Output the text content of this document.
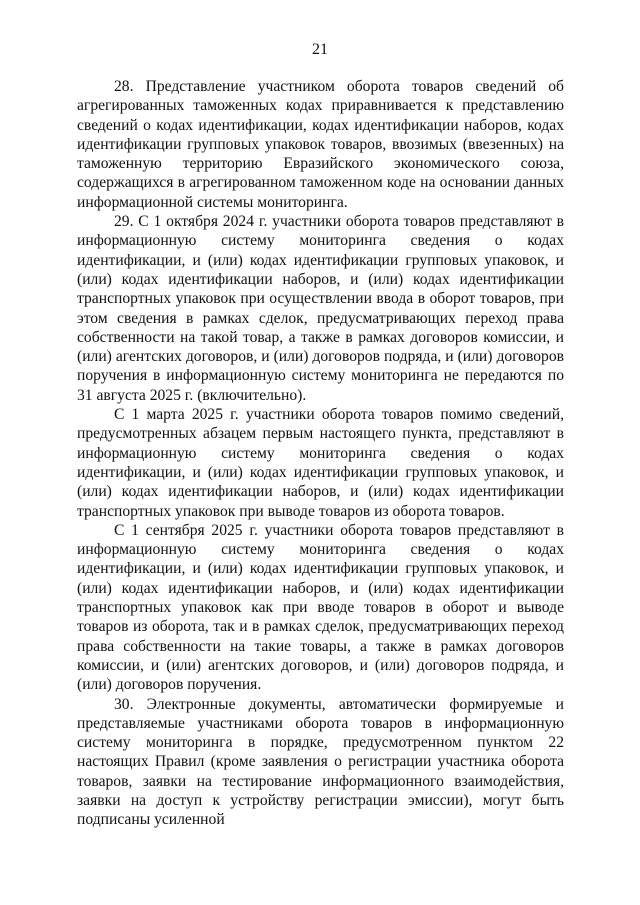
21

28. Представление участником оборота товаров сведений об агрегированных таможенных кодах приравнивается к представлению сведений о кодах идентификации, кодах идентификации наборов, кодах идентификации групповых упаковок товаров, ввозимых (ввезенных) на таможенную территорию Евразийского экономического союза, содержащихся в агрегированном таможенном коде на основании данных информационной системы мониторинга.

29. С 1 октября 2024 г. участники оборота товаров представляют в информационную систему мониторинга сведения о кодах идентификации, и (или) кодах идентификации групповых упаковок, и (или) кодах идентификации наборов, и (или) кодах идентификации транспортных упаковок при осуществлении ввода в оборот товаров, при этом сведения в рамках сделок, предусматривающих переход права собственности на такой товар, а также в рамках договоров комиссии, и (или) агентских договоров, и (или) договоров подряда, и (или) договоров поручения в информационную систему мониторинга не передаются по 31 августа 2025 г. (включительно).

С 1 марта 2025 г. участники оборота товаров помимо сведений, предусмотренных абзацем первым настоящего пункта, представляют в информационную систему мониторинга сведения о кодах идентификации, и (или) кодах идентификации групповых упаковок, и (или) кодах идентификации наборов, и (или) кодах идентификации транспортных упаковок при выводе товаров из оборота товаров.

С 1 сентября 2025 г. участники оборота товаров представляют в информационную систему мониторинга сведения о кодах идентификации, и (или) кодах идентификации групповых упаковок, и (или) кодах идентификации наборов, и (или) кодах идентификации транспортных упаковок как при вводе товаров в оборот и выводе товаров из оборота, так и в рамках сделок, предусматривающих переход права собственности на такие товары, а также в рамках договоров комиссии, и (или) агентских договоров, и (или) договоров подряда, и (или) договоров поручения.

30. Электронные документы, автоматически формируемые и представляемые участниками оборота товаров в информационную систему мониторинга в порядке, предусмотренном пунктом 22 настоящих Правил (кроме заявления о регистрации участника оборота товаров, заявки на тестирование информационного взаимодействия, заявки на доступ к устройству регистрации эмиссии), могут быть подписаны усиленной
